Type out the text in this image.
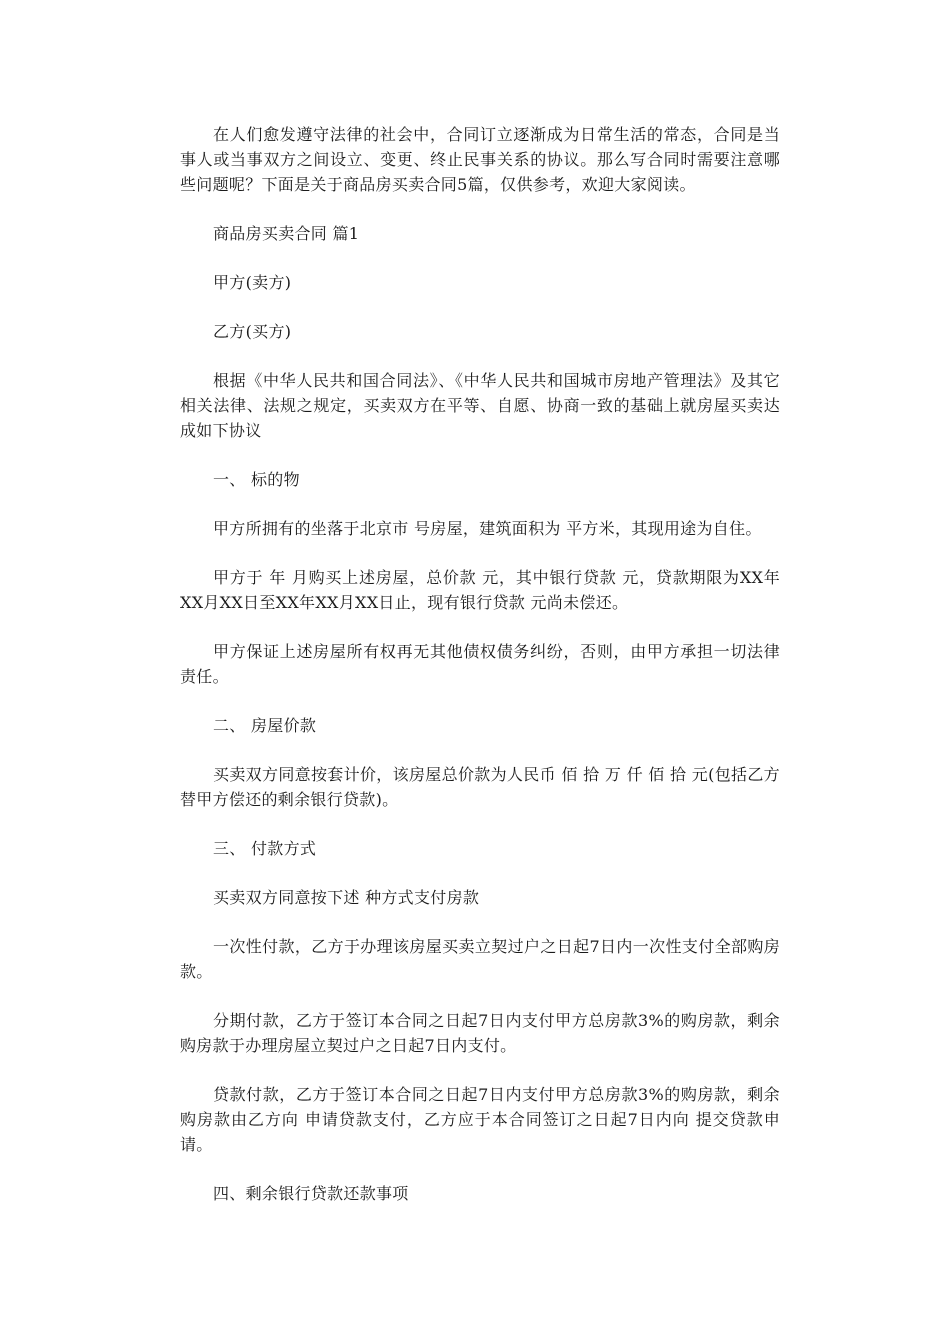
在人们愈发遵守法律的社会中，合同订立逐渐成为日常生活的常态，合同是当事人或当事双方之间设立、变更、终止民事关系的协议。那么写合同时需要注意哪些问题呢？下面是关于商品房买卖合同5篇，仅供参考，欢迎大家阅读。

商品房买卖合同 篇1

甲方(卖方)

乙方(买方)

根据《中华人民共和国合同法》、《中华人民共和国城市房地产管理法》及其它相关法律、法规之规定，买卖双方在平等、自愿、协商一致的基础上就房屋买卖达成如下协议

一、 标的物

甲方所拥有的坐落于北京市 号房屋，建筑面积为 平方米，其现用途为自住。

甲方于 年 月购买上述房屋，总价款 元，其中银行贷款 元，贷款期限为XX年XX月XX日至XX年XX月XX日止，现有银行贷款 元尚未偿还。

甲方保证上述房屋所有权再无其他债权债务纠纷，否则，由甲方承担一切法律责任。

二、 房屋价款

买卖双方同意按套计价，该房屋总价款为人民币 佰 拾 万 仟 佰 拾 元(包括乙方替甲方偿还的剩余银行贷款)。

三、 付款方式

买卖双方同意按下述 种方式支付房款

一次性付款，乙方于办理该房屋买卖立契过户之日起7日内一次性支付全部购房款。

分期付款，乙方于签订本合同之日起7日内支付甲方总房款3%的购房款，剩余购房款于办理房屋立契过户之日起7日内支付。

贷款付款，乙方于签订本合同之日起7日内支付甲方总房款3%的购房款，剩余购房款由乙方向 申请贷款支付，乙方应于本合同签订之日起7日内向 提交贷款申请。

四、剩余银行贷款还款事项
